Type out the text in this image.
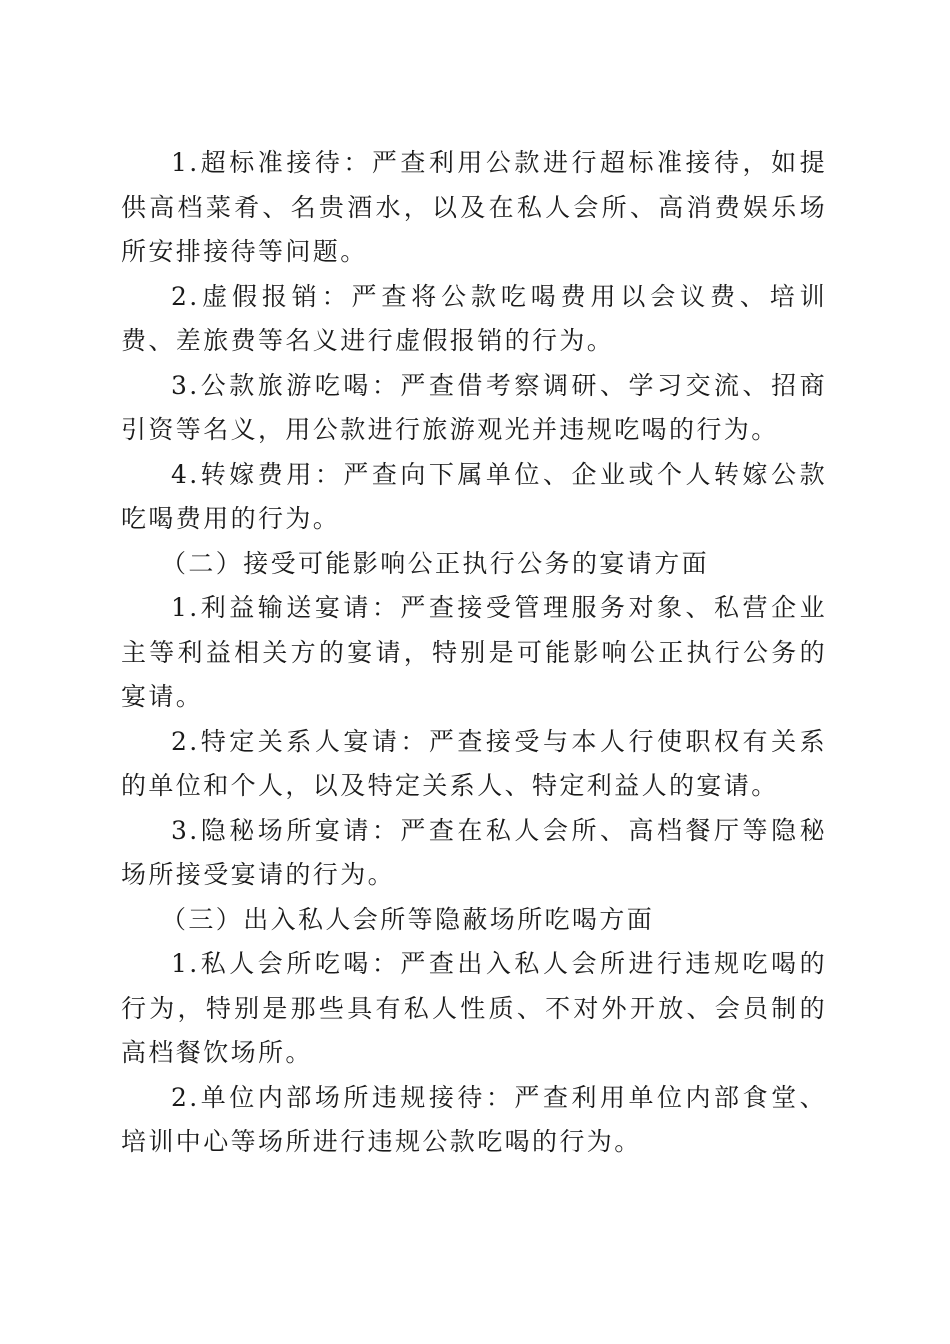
1.超标准接待：严查利用公款进行超标准接待，如提供高档菜肴、名贵酒水，以及在私人会所、高消费娱乐场所安排接待等问题。

2.虚假报销：严查将公款吃喝费用以会议费、培训费、差旅费等名义进行虚假报销的行为。

3.公款旅游吃喝：严查借考察调研、学习交流、招商引资等名义，用公款进行旅游观光并违规吃喝的行为。

4.转嫁费用：严查向下属单位、企业或个人转嫁公款吃喝费用的行为。

（二）接受可能影响公正执行公务的宴请方面

1.利益输送宴请：严查接受管理服务对象、私营企业主等利益相关方的宴请，特别是可能影响公正执行公务的宴请。

2.特定关系人宴请：严查接受与本人行使职权有关系的单位和个人，以及特定关系人、特定利益人的宴请。

3.隐秘场所宴请：严查在私人会所、高档餐厅等隐秘场所接受宴请的行为。

（三）出入私人会所等隐蔽场所吃喝方面

1.私人会所吃喝：严查出入私人会所进行违规吃喝的行为，特别是那些具有私人性质、不对外开放、会员制的高档餐饮场所。

2.单位内部场所违规接待：严查利用单位内部食堂、培训中心等场所进行违规公款吃喝的行为。
